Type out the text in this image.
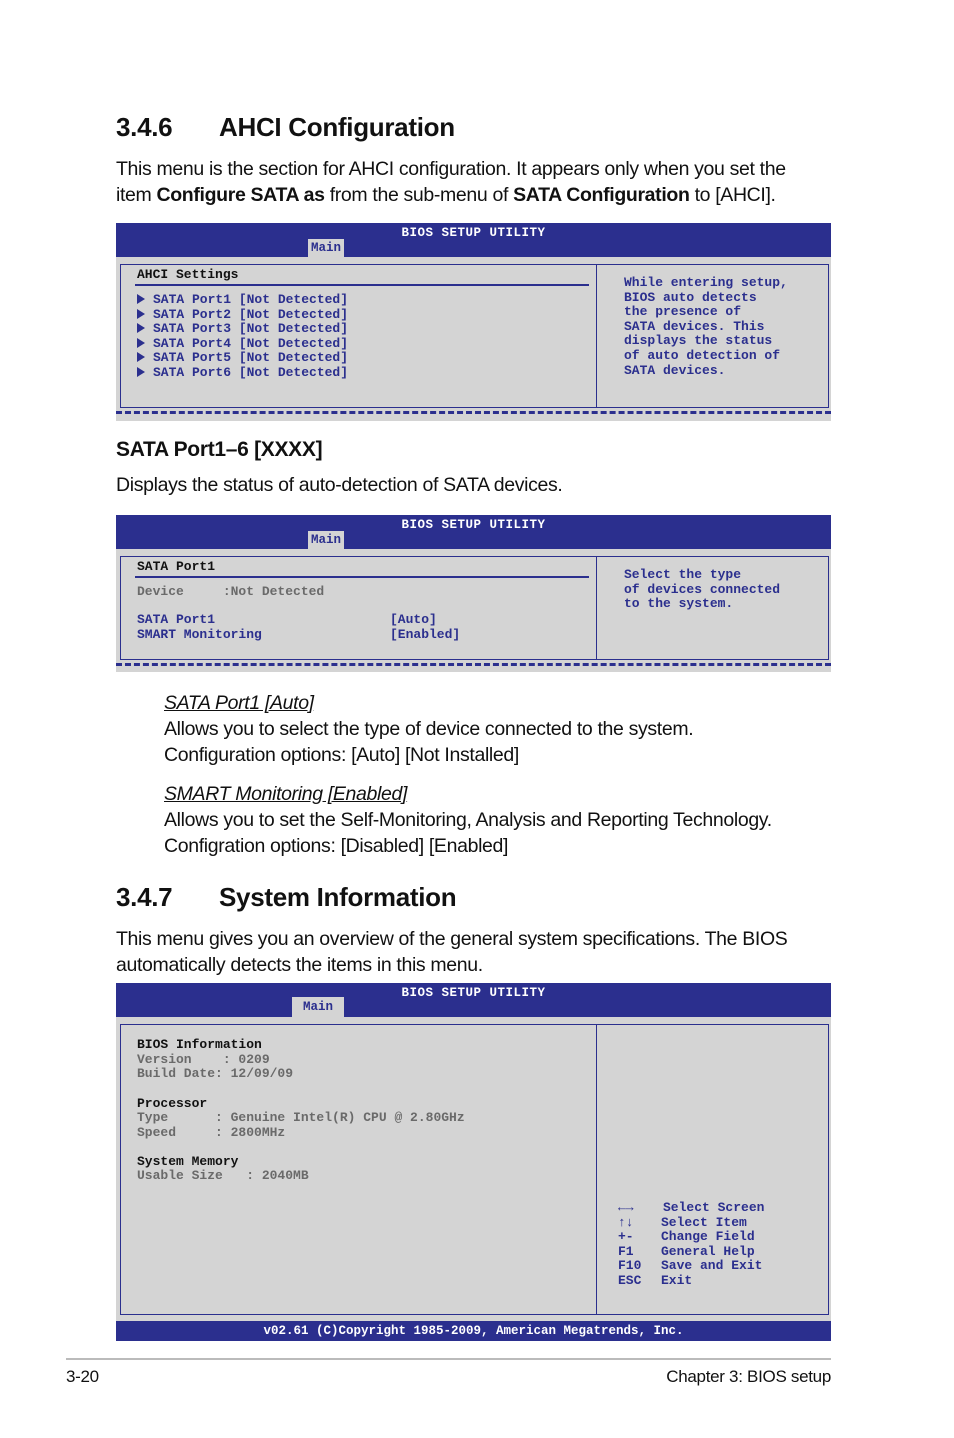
3.4.6 AHCI Configuration
This menu is the section for AHCI configuration. It appears only when you set the
item Configure SATA as from the sub-menu of SATA Configuration to [AHCI].
BIOS SETUP UTILITY
Main
AHCI Settings
SATA Port1 [Not Detected]
SATA Port2 [Not Detected]
SATA Port3 [Not Detected]
SATA Port4 [Not Detected]
SATA Port5 [Not Detected]
SATA Port6 [Not Detected]
While entering setup,
BIOS auto detects
the presence of
SATA devices. This
displays the status
of auto detection of
SATA devices.
SATA Port1–6 [XXXX]
Displays the status of auto-detection of SATA devices.
BIOS SETUP UTILITY
Main
SATA Port1
Device     :Not Detected
SATA Port1	[Auto]
SMART Monitoring	[Enabled]
Select the type
of devices connected
to the system.
SATA Port1 [Auto]
Allows you to select the type of device connected to the system.
Configuration options: [Auto] [Not Installed]
SMART Monitoring [Enabled]
Allows you to set the Self-Monitoring, Analysis and Reporting Technology.
Configration options: [Disabled] [Enabled]
3.4.7 System Information
This menu gives you an overview of the general system specifications. The BIOS
automatically detects the items in this menu.
BIOS SETUP UTILITY
Main
BIOS Information
Version    : 0209
Build Date: 12/09/09
Processor
Type      : Genuine Intel(R) CPU @ 2.80GHz
Speed     : 2800MHz
System Memory
Usable Size   : 2040MB
←→ Select Screen
↑↓ Select Item
+- Change Field
F1 General Help
F10 Save and Exit
ESC Exit
v02.61 (C)Copyright 1985-2009, American Megatrends, Inc.
3-20	Chapter 3: BIOS setup
